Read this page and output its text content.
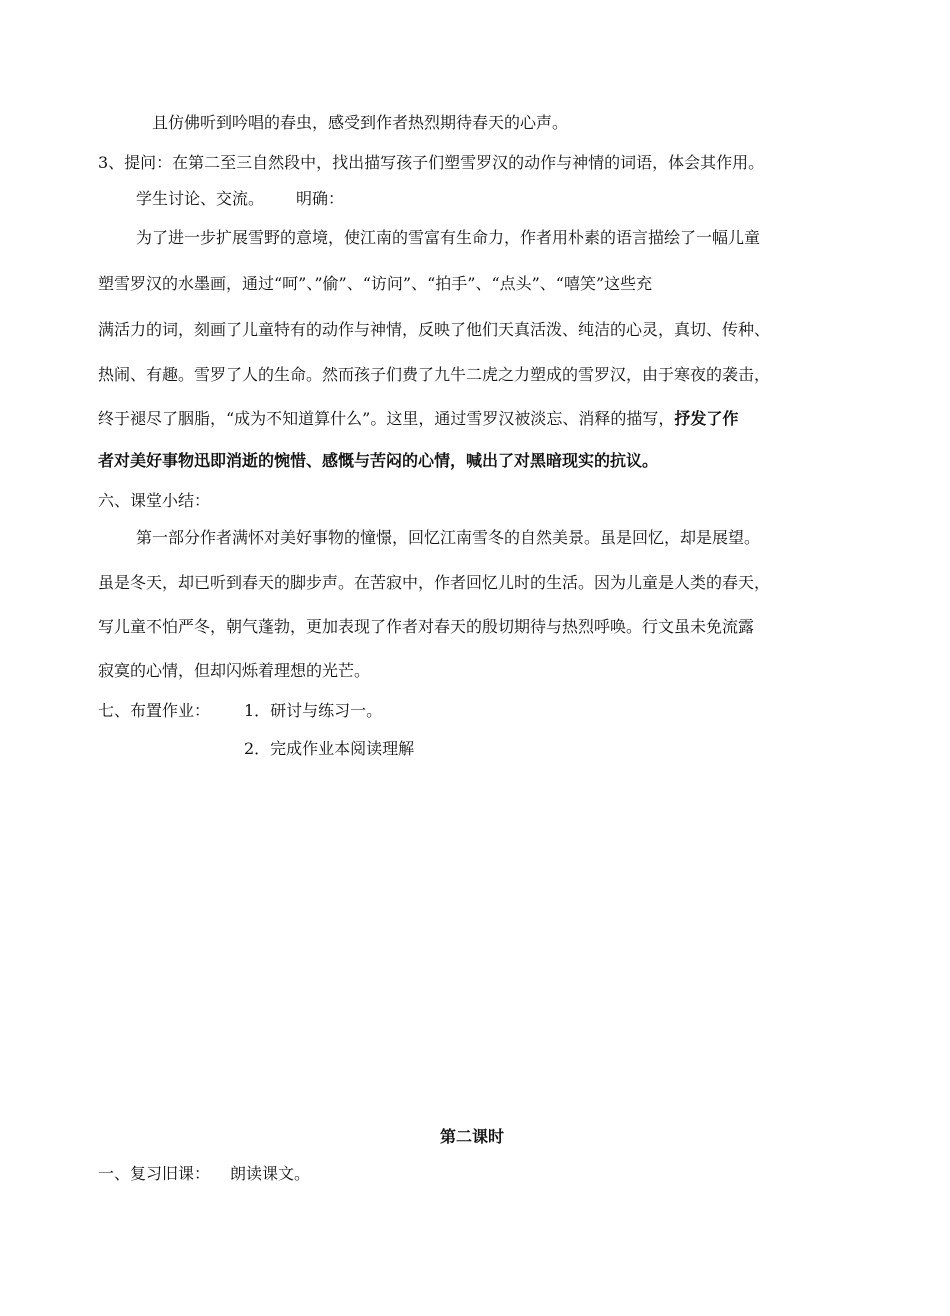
且仿佛听到吟唱的春虫，感受到作者热烈期待春天的心声。
3、提问：在第二至三自然段中，找出描写孩子们塑雪罗汉的动作与神情的词语，体会其作用。
学生讨论、交流。 明确：
为了进一步扩展雪野的意境，使江南的雪富有生命力，作者用朴素的语言描绘了一幅儿童
塑雪罗汉的水墨画，通过“呵”、”偷”、“访问”、“拍手”、“点头”、“嘻笑”这些充
满活力的词，刻画了儿童特有的动作与神情，反映了他们天真活泼、纯洁的心灵，真切、传种、
热闹、有趣。雪罗了人的生命。然而孩子们费了九牛二虎之力塑成的雪罗汉，由于寒夜的袭击，
终于褪尽了胭脂，“成为不知道算什么”。这里，通过雪罗汉被淡忘、消释的描写，抒发了作
者对美好事物迅即消逝的惋惜、感慨与苦闷的心情，喊出了对黑暗现实的抗议。
六、课堂小结：
第一部分作者满怀对美好事物的憧憬，回忆江南雪冬的自然美景。虽是回忆，却是展望。
虽是冬天，却已听到春天的脚步声。在苦寂中，作者回忆儿时的生活。因为儿童是人类的春天，
写儿童不怕严冬，朝气蓬勃，更加表现了作者对春天的殷切期待与热烈呼唤。行文虽未免流露
寂寞的心情，但却闪烁着理想的光芒。
七、布置作业： 1．研讨与练习一。
2．完成作业本阅读理解
第二课时
一、复习旧课： 朗读课文。
